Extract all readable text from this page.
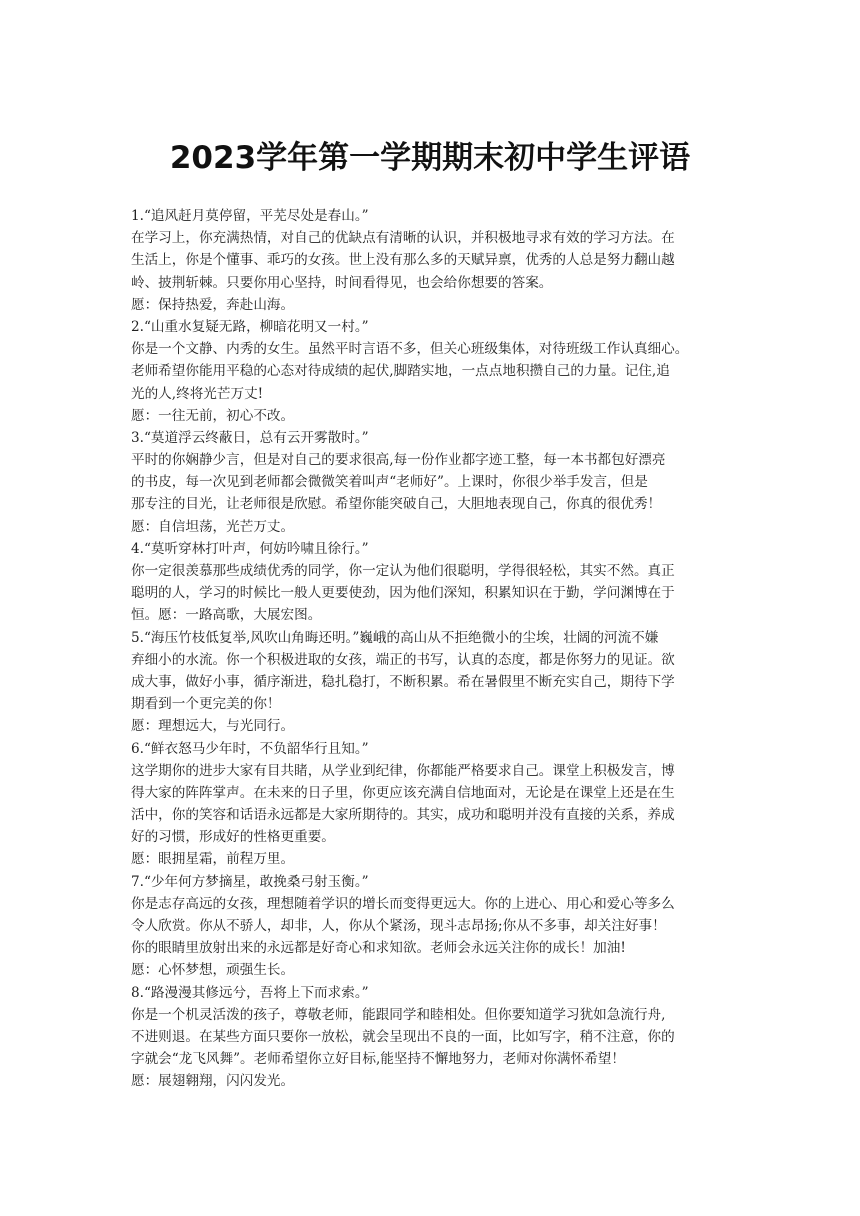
2023学年第一学期期末初中学生评语
1.“追风赶月莫停留，平芜尽处是春山。”
在学习上，你充满热情，对自己的优缺点有清晰的认识，并积极地寻求有效的学习方法。在
生活上，你是个懂事、乖巧的女孩。世上没有那么多的天赋异禀，优秀的人总是努力翻山越
岭、披荆斩棘。只要你用心坚持，时间看得见，也会给你想要的答案。
愿：保持热爱，奔赴山海。
2.“山重水复疑无路，柳暗花明又一村。”
你是一个文静、内秀的女生。虽然平时言语不多，但关心班级集体，对待班级工作认真细心。
老师希望你能用平稳的心态对待成绩的起伏,脚踏实地，一点点地积攒自己的力量。记住,追
光的人,终将光芒万丈!
愿：一往无前，初心不改。
3.“莫道浮云终蔽日，总有云开雾散时。”
平时的你娴静少言，但是对自己的要求很高,每一份作业都字迹工整，每一本书都包好漂亮
的书皮，每一次见到老师都会微微笑着叫声“老师好”。上课时，你很少举手发言，但是
那专注的目光，让老师很是欣慰。希望你能突破自己，大胆地表现自己，你真的很优秀！
愿：自信坦荡，光芒万丈。
4.“莫听穿林打叶声，何妨吟啸且徐行。”
你一定很羡慕那些成绩优秀的同学，你一定认为他们很聪明，学得很轻松，其实不然。真正
聪明的人，学习的时候比一般人更要使劲，因为他们深知，积累知识在于勤，学问渊博在于
恒。愿：一路高歌，大展宏图。
5.“海压竹枝低复举,风吹山角晦还明。”巍峨的高山从不拒绝微小的尘埃，壮阔的河流不嫌
弃细小的水流。你一个积极进取的女孩，端正的书写，认真的态度，都是你努力的见证。欲
成大事，做好小事，循序渐进，稳扎稳打，不断积累。希在暑假里不断充实自己，期待下学
期看到一个更完美的你！
愿：理想远大，与光同行。
6.“鲜衣怒马少年时，不负韶华行且知。”
这学期你的进步大家有目共睹，从学业到纪律，你都能严格要求自己。课堂上积极发言，博
得大家的阵阵掌声。在未来的日子里，你更应该充满自信地面对，无论是在课堂上还是在生
活中，你的笑容和话语永远都是大家所期待的。其实，成功和聪明并没有直接的关系，养成
好的习惯，形成好的性格更重要。
愿：眼拥星霜，前程万里。
7.“少年何方梦摘星，敢挽桑弓射玉衡。”
你是志存高远的女孩，理想随着学识的增长而变得更远大。你的上进心、用心和爱心等多么
令人欣赏。你从不骄人，却非，人，你从个紧汤，现斗志昂扬;你从不多事，却关注好事！
你的眼睛里放射出来的永远都是好奇心和求知欲。老师会永远关注你的成长！加油!
愿：心怀梦想，顽强生长。
8.“路漫漫其修远兮，吾将上下而求索。”
你是一个机灵活泼的孩子，尊敬老师，能跟同学和睦相处。但你要知道学习犹如急流行舟,
不进则退。在某些方面只要你一放松，就会呈现出不良的一面，比如写字，稍不注意，你的
字就会“龙飞风舞”。老师希望你立好目标,能坚持不懈地努力，老师对你满怀希望！
愿：展翅翱翔，闪闪发光。
